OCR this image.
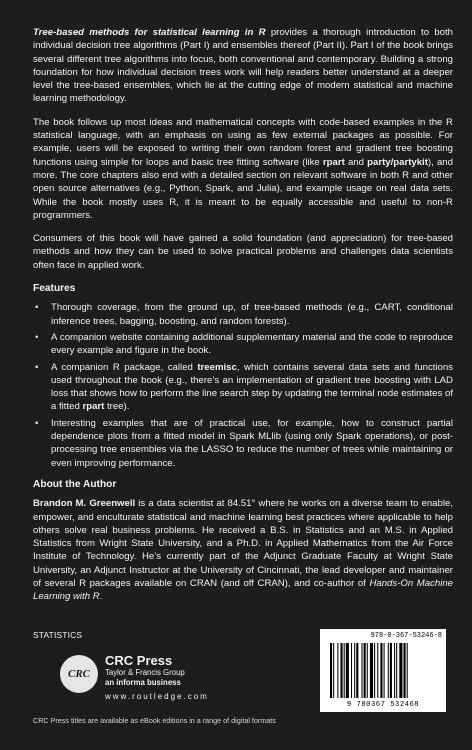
Tree-based methods for statistical learning in R provides a thorough introduction to both individual decision tree algorithms (Part I) and ensembles thereof (Part II). Part I of the book brings several different tree algorithms into focus, both conventional and contemporary. Building a strong foundation for how individual decision trees work will help readers better understand at a deeper level the tree-based ensembles, which lie at the cutting edge of modern statistical and machine learning methodology.

The book follows up most ideas and mathematical concepts with code-based examples in the R statistical language, with an emphasis on using as few external packages as possible. For example, users will be exposed to writing their own random forest and gradient tree boosting functions using simple for loops and basic tree fitting software (like rpart and party/partykit), and more. The core chapters also end with a detailed section on relevant software in both R and other open source alternatives (e.g., Python, Spark, and Julia), and example usage on real data sets. While the book mostly uses R, it is meant to be equally accessible and useful to non-R programmers.

Consumers of this book will have gained a solid foundation (and appreciation) for tree-based methods and how they can be used to solve practical problems and challenges data scientists often face in applied work.

Features
• Thorough coverage, from the ground up, of tree-based methods (e.g., CART, conditional inference trees, bagging, boosting, and random forests).
• A companion website containing additional supplementary material and the code to reproduce every example and figure in the book.
• A companion R package, called treemisc, which contains several data sets and functions used throughout the book (e.g., there’s an implementation of gradient tree boosting with LAD loss that shows how to perform the line search step by updating the terminal node estimates of a fitted rpart tree).
• Interesting examples that are of practical use, for example, how to construct partial dependence plots from a fitted model in Spark MLlib (using only Spark operations), or post-processing tree ensembles via the LASSO to reduce the number of trees while maintaining or even improving performance.
About the Author

Brandon M. Greenwell is a data scientist at 84.51° where he works on a diverse team to enable, empower, and enculturate statistical and machine learning best practices where applicable to help others solve real business problems. He received a B.S. in Statistics and an M.S. in Applied Statistics from Wright State University, and a Ph.D. in Applied Mathematics from the Air Force Institute of Technology. He’s currently part of the Adjunct Graduate Faculty at Wright State University, an Adjunct Instructor at the University of Cincinnati, the lead developer and maintainer of several R packages available on CRAN (and off CRAN), and co-author of Hands-On Machine Learning with R.

STATISTICS
CRC
CRC Press
Taylor & Francis Group
an informa business
www.routledge.com
978-0-367-53246-8
9 780367 532468
CRC Press titles are available as eBook editions in a range of digital formats
